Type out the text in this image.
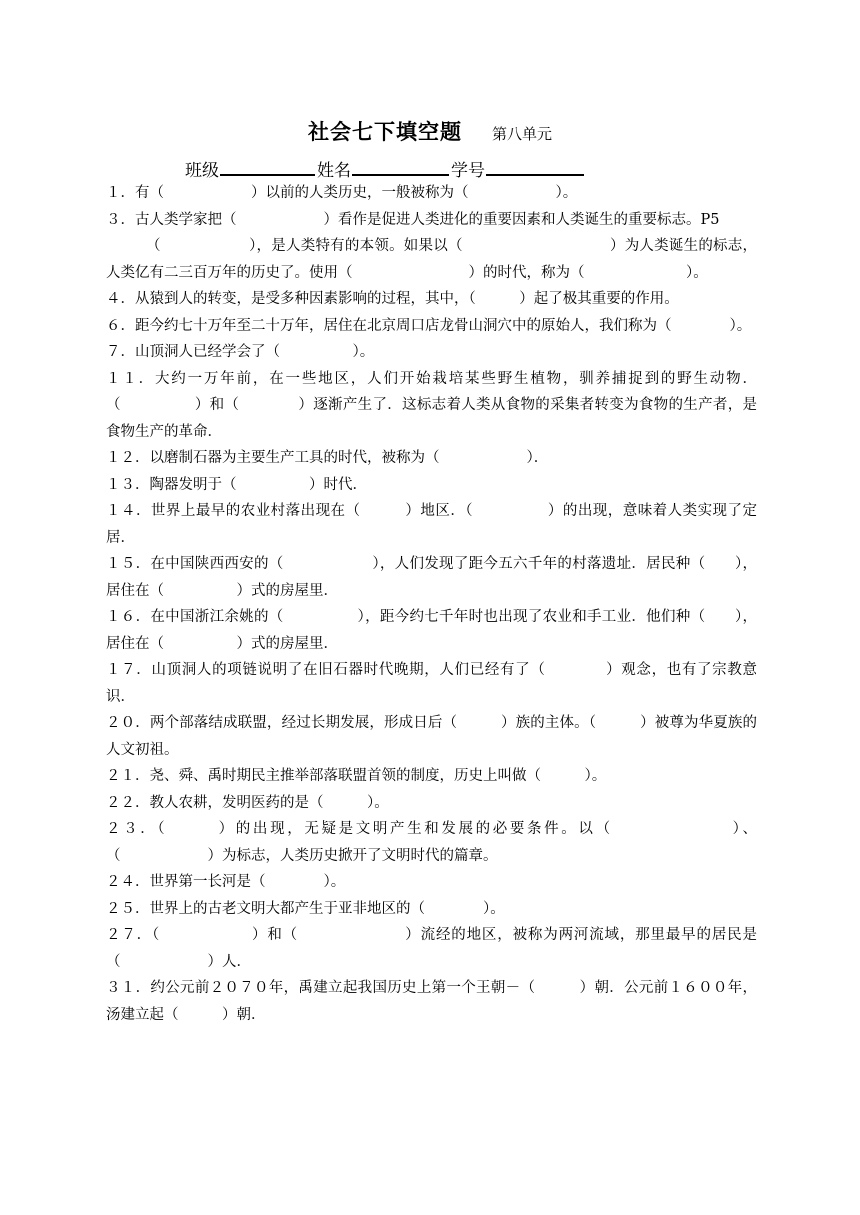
社会七下填空题 第八单元
班级	姓名	学号

１．有（　　　　　　）以前的人类历史，一般被称为（　　　　　　）。

３．古人类学家把（　　　　　　）看作是促进人类进化的重要因素和人类诞生的重要标志。P5

（　　　　　　），是人类特有的本领。如果以（　　　　　　　　　　）为人类诞生的标志，人类亿有二三百万年的历史了。使用（　　　　　　　　）的时代，称为（　　　　　　　）。

４．从猿到人的转变，是受多种因素影响的过程，其中，（　　　）起了极其重要的作用。

６．距今约七十万年至二十万年，居住在北京周口店龙骨山洞穴中的原始人，我们称为（　　　　）。

７．山顶洞人已经学会了（　　　　　）。

１１．大约一万年前，在一些地区，人们开始栽培某些野生植物，驯养捕捉到的野生动物．（　　　　　）和（　　　　）逐渐产生了．这标志着人类从食物的采集者转变为食物的生产者，是食物生产的革命．

１２．以磨制石器为主要生产工具的时代，被称为（　　　　　　）．

１３．陶器发明于（　　　　　）时代．

１４．世界上最早的农业村落出现在（　　　）地区．（　　　　　）的出现，意味着人类实现了定居．

１５．在中国陕西西安的（　　　　　　），人们发现了距今五六千年的村落遗址．居民种（　　），居住在（　　　　　）式的房屋里．

１６．在中国浙江余姚的（　　　　　），距今约七千年时也出现了农业和手工业．他们种（　　），居住在（　　　　　）式的房屋里．

１７．山顶洞人的项链说明了在旧石器时代晚期，人们已经有了（　　　　）观念，也有了宗教意识．

２０．两个部落结成联盟，经过长期发展，形成日后（　　　）族的主体。（　　　）被尊为华夏族的人文初祖。

２１．尧、舜、禹时期民主推举部落联盟首领的制度，历史上叫做（　　　）。

２２．教人农耕，发明医药的是（　　　）。

２３．（　　　）的出现，无疑是文明产生和发展的必要条件。以（　　　　　　　）、（　　　　　　）为标志，人类历史掀开了文明时代的篇章。

２４．世界第一长河是（　　　　）。

２５．世界上的古老文明大都产生于亚非地区的（　　　　）。

２７．（　　　　　　）和（　　　　　　　）流经的地区，被称为两河流域，那里最早的居民是（　　　　　　）人．

３１．约公元前２０７０年，禹建立起我国历史上第一个王朝－（　　　）朝．公元前１６００年，汤建立起（　　　）朝．
